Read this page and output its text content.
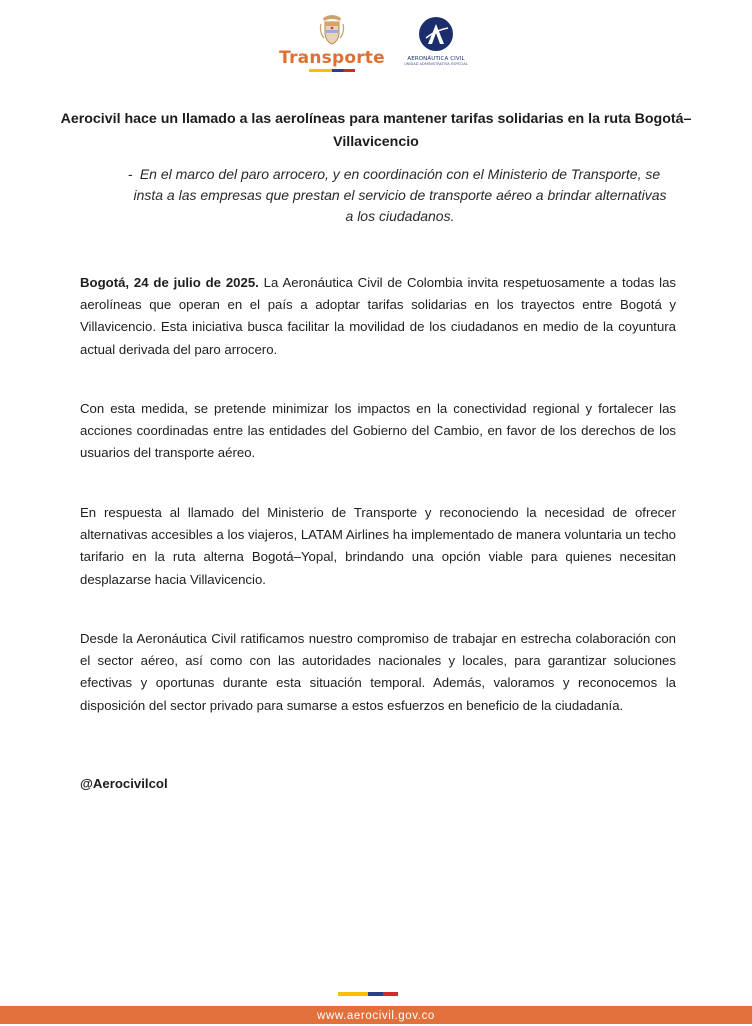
Transporte	AERONÁUTICA CIVIL
UNIDAD ADMINISTRATIVA ESPECIAL
Aerocivil hace un llamado a las aerolíneas para mantener tarifas solidarias en la ruta Bogotá–Villavicencio
- En el marco del paro arrocero, y en coordinación con el Ministerio de Transporte, se insta a las empresas que prestan el servicio de transporte aéreo a brindar alternativas a los ciudadanos.
Bogotá, 24 de julio de 2025. La Aeronáutica Civil de Colombia invita respetuosamente a todas las aerolíneas que operan en el país a adoptar tarifas solidarias en los trayectos entre Bogotá y Villavicencio. Esta iniciativa busca facilitar la movilidad de los ciudadanos en medio de la coyuntura actual derivada del paro arrocero.
Con esta medida, se pretende minimizar los impactos en la conectividad regional y fortalecer las acciones coordinadas entre las entidades del Gobierno del Cambio, en favor de los derechos de los usuarios del transporte aéreo.
En respuesta al llamado del Ministerio de Transporte y reconociendo la necesidad de ofrecer alternativas accesibles a los viajeros, LATAM Airlines ha implementado de manera voluntaria un techo tarifario en la ruta alterna Bogotá–Yopal, brindando una opción viable para quienes necesitan desplazarse hacia Villavicencio.
Desde la Aeronáutica Civil ratificamos nuestro compromiso de trabajar en estrecha colaboración con el sector aéreo, así como con las autoridades nacionales y locales, para garantizar soluciones efectivas y oportunas durante esta situación temporal. Además, valoramos y reconocemos la disposición del sector privado para sumarse a estos esfuerzos en beneficio de la ciudadanía.
@Aerocivilcol
www.aerocivil.gov.co
